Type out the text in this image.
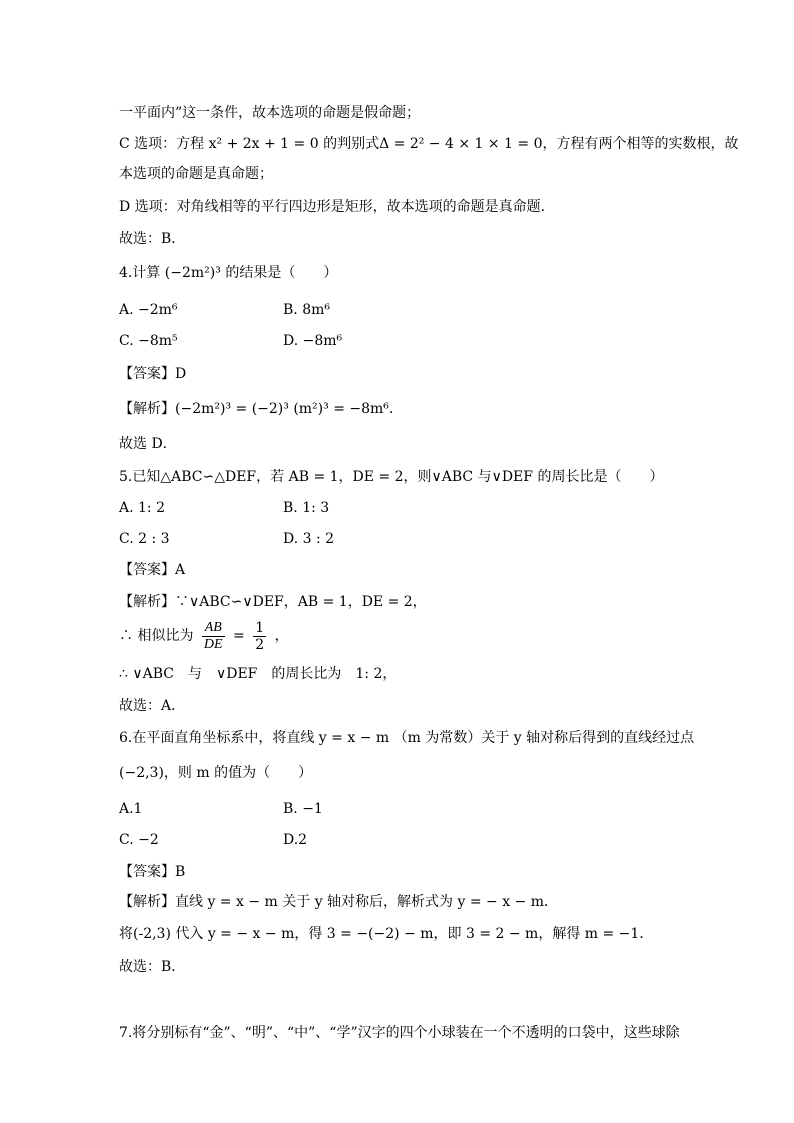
一平面内”这一条件，故本选项的命题是假命题；
C 选项：方程 x² + 2x + 1 = 0 的判别式Δ = 2² − 4 × 1 × 1 = 0，方程有两个相等的实数根，故
本选项的命题是真命题；
D 选项：对角线相等的平行四边形是矩形，故本选项的命题是真命题．
故选：B．
4.计算 (−2m²)³ 的结果是（　　）
A. −2m⁶	B. 8m⁶
C. −8m⁵	D. −8m⁶
【答案】D
【解析】(−2m²)³ = (−2)³ (m²)³ = −8m⁶．
故选 D．
5.已知△ABC∽△DEF，若 AB = 1，DE = 2，则∨ABC 与∨DEF 的周长比是（　　）
A. 1: 2	B. 1: 3
C. 2 : 3	D. 3 : 2
【答案】A
【解析】∵∨ABC∽∨DEF，AB = 1，DE = 2，
∴ 相似比为 $\frac{AB}{DE} = \frac{1}{2}$ ，
∴ ∨ABC　与　∨DEF　的周长比为　1: 2，
故选：A．
6.在平面直角坐标系中，将直线 y = x − m （m 为常数）关于 y 轴对称后得到的直线经过点
(−2,3)，则 m 的值为（　　）
A.1	B. −1
C. −2	D.2
【答案】B
【解析】直线 y = x − m 关于 y 轴对称后，解析式为 y = − x − m．
将(-2,3) 代入 y = − x − m，得 3 = −(−2) − m，即 3 = 2 − m，解得 m = −1．
故选：B．
7.将分别标有“金”、“明”、“中”、“学”汉字的四个小球装在一个不透明的口袋中，这些球除
